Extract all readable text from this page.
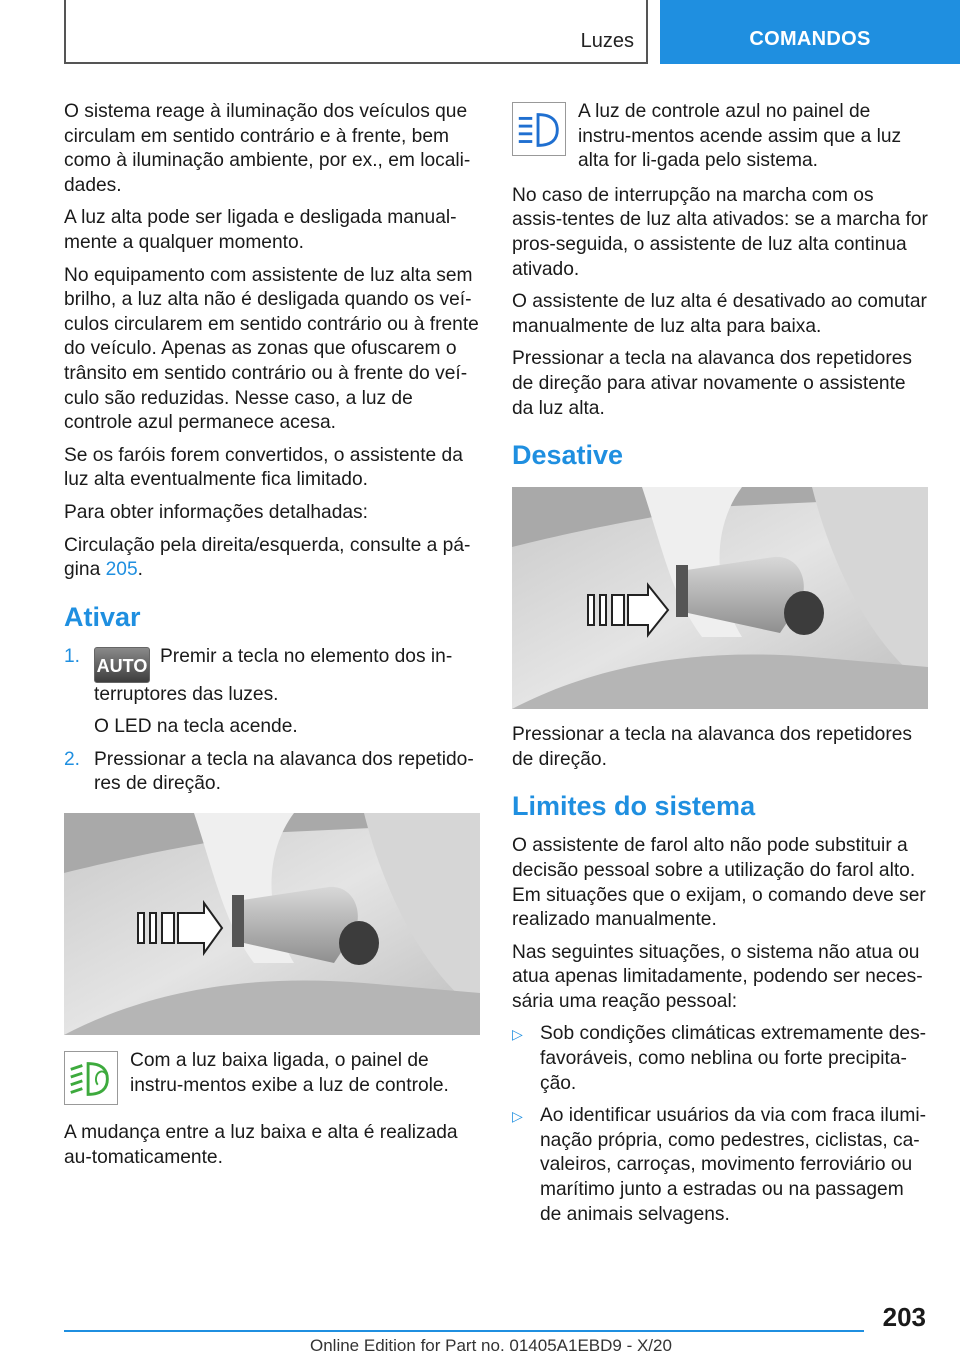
Luzes	COMANDOS

O sistema reage à iluminação dos veículos que circulam em sentido contrário e à frente, bem como à iluminação ambiente, por ex., em locali-dades.

A luz alta pode ser ligada e desligada manual-mente a qualquer momento.

No equipamento com assistente de luz alta sem brilho, a luz alta não é desligada quando os veí-culos circularem em sentido contrário ou à frente do veículo. Apenas as zonas que ofuscarem o trânsito em sentido contrário ou à frente do veí-culo são reduzidas. Nesse caso, a luz de controle azul permanece acesa.

Se os faróis forem convertidos, o assistente da luz alta eventualmente fica limitado.

Para obter informações detalhadas:

Circulação pela direita/esquerda, consulte a pá-gina 205.

Ativar
1. AUTO Premir a tecla no elemento dos in-terruptores das luzes.
O LED na tecla acende.
2. Pressionar a tecla na alavanca dos repetido-res de direção.
Com a luz baixa ligada, o painel de instru-mentos exibe a luz de controle.

A mudança entre a luz baixa e alta é realizada au-tomaticamente.

A luz de controle azul no painel de instru-mentos acende assim que a luz alta for li-gada pelo sistema.

No caso de interrupção na marcha com os assis-tentes de luz alta ativados: se a marcha for pros-seguida, o assistente de luz alta continua ativado.

O assistente de luz alta é desativado ao comutar manualmente de luz alta para baixa.

Pressionar a tecla na alavanca dos repetidores de direção para ativar novamente o assistente da luz alta.

Desative

Pressionar a tecla na alavanca dos repetidores de direção.

Limites do sistema

O assistente de farol alto não pode substituir a decisão pessoal sobre a utilização do farol alto. Em situações que o exijam, o comando deve ser realizado manualmente.

Nas seguintes situações, o sistema não atua ou atua apenas limitadamente, podendo ser neces-sária uma reação pessoal:

▷ Sob condições climáticas extremamente des-favoráveis, como neblina ou forte precipita-ção.
▷ Ao identificar usuários da via com fraca ilumi-nação própria, como pedestres, ciclistas, ca-valeiros, carroças, movimento ferroviário ou marítimo junto a estradas ou na passagem de animais selvagens.
203
Online Edition for Part no. 01405A1EBD9 - X/20
